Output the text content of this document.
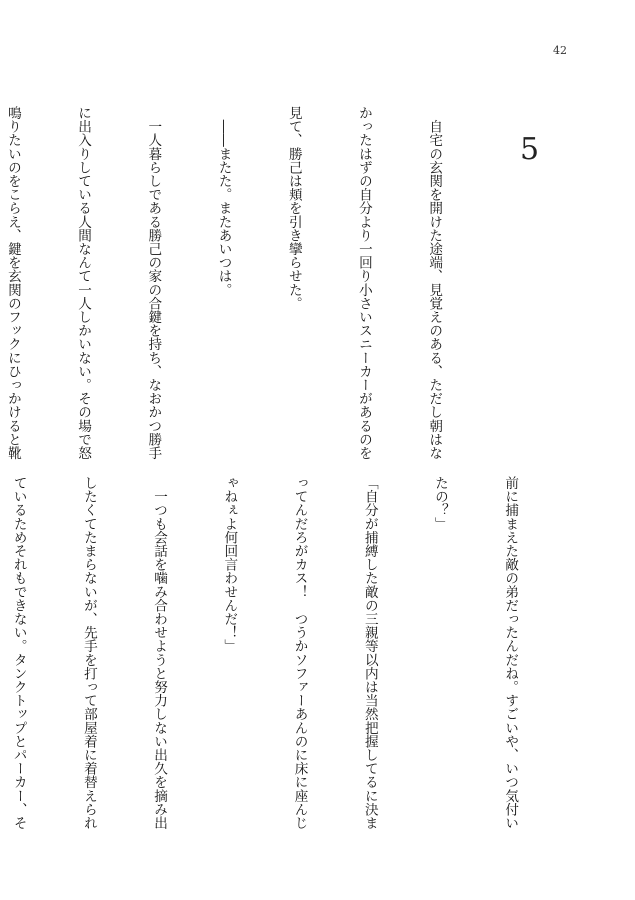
42
5

　自宅の玄関を開けた途端、見覚えのある、ただし朝はな

かったはずの自分より一回り小さいスニーカーがあるのを

見て、勝己は頬を引き攣らせた。

　――またた。またあいつは。

　一人暮らしである勝己の家の合鍵を持ち、なおかつ勝手

に出入りしている人間なんて一人しかいない。その場で怒

鳴りたいのをこらえ、鍵を玄関のフックにひっかけると靴

前に捕まえた敵の弟だったんだね。すごいや、いつ気付い

たの？」

「自分が捕縛した敵の三親等以内は当然把握してるに決ま

ってんだろがカス！　つうかソファーあんのに床に座んじ

ゃねぇよ何回言わせんだ！」

　一つも会話を噛み合わせようと努力しない出久を摘み出

したくてたまらないが、先手を打って部屋着に着替えられ

ているためそれもできない。タンクトップとパーカー、そ
